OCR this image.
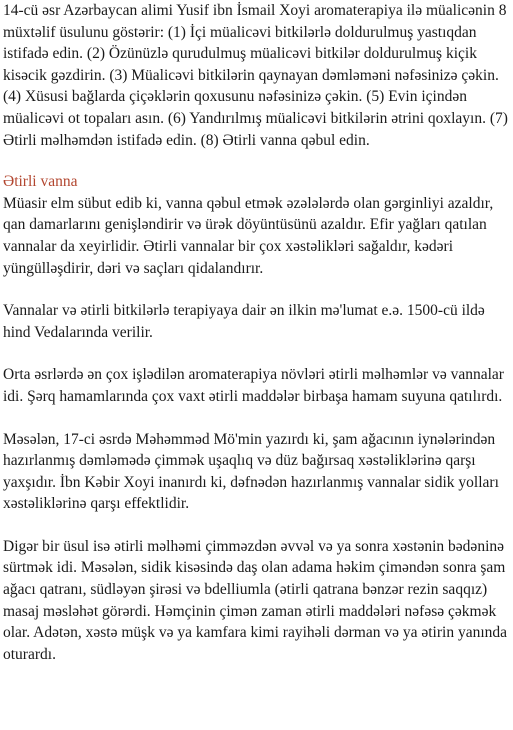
14-cü əsr Azərbaycan alimi Yusif ibn İsmail Xoyi aromaterapiya ilə müalicənin 8 müxtəlif üsulunu göstərir: (1) İçi müalicəvi bitkilərlə doldurulmuş yastıqdan istifadə edin. (2) Özünüzlə qurudulmuş müalicəvi bitkilər doldurulmuş kiçik kisəcik gəzdirin. (3) Müalicəvi bitkilərin qaynayan dəmləməni nəfəsinizə çəkin. (4) Xüsusi bağlarda çiçəklərin qoxusunu nəfəsinizə çəkin. (5) Evin içindən müalicəvi ot topaları asın. (6) Yandırılmış müalicəvi bitkilərin ətrini qoxlayın. (7) Ətirli məlhəmdən istifadə edin. (8) Ətirli vanna qəbul edin.

Ətirli vanna

Müasir elm sübut edib ki, vanna qəbul etmək əzələlərdə olan gərginliyi azaldır, qan damarlarını genişləndirir və ürək döyüntüsünü azaldır. Efir yağları qatılan vannalar da xeyirlidir. Ətirli vannalar bir çox xəstəlikləri sağaldır, kədəri yüngülləşdirir, dəri və saçları qidalandırır.

Vannalar və ətirli bitkilərlə terapiyaya dair ən ilkin mə'lumat e.ə. 1500-cü ildə hind Vedalarında verilir.

Orta əsrlərdə ən çox işlədilən aromaterapiya növləri ətirli məlhəmlər və vannalar idi. Şərq hamamlarında çox vaxt ətirli maddələr birbaşa hamam suyuna qatılırdı.

Məsələn, 17-ci əsrdə Məhəmməd Mö'min yazırdı ki, şam ağacının iynələrindən hazırlanmış dəmləmədə çimmək uşaqlıq və düz bağırsaq xəstəliklərinə qarşı yaxşıdır. İbn Kəbir Xoyi inanırdı ki, dəfnədən hazırlanmış vannalar sidik yolları xəstəliklərinə qarşı effektlidir.

Digər bir üsul isə ətirli məlhəmi çimməzdən əvvəl və ya sonra xəstənin bədəninə sürtmək idi. Məsələn, sidik kisəsində daş olan adama həkim çiməndən sonra şam ağacı qatranı, südləyən şirəsi və bdelliumla (ətirli qatrana bənzər rezin saqqız) masaj məsləhət görərdi. Həmçinin çimən zaman ətirli maddələri nəfəsə çəkmək olar. Adətən, xəstə müşk və ya kamfara kimi rayihəli dərman və ya ətirin yanında oturardı.
